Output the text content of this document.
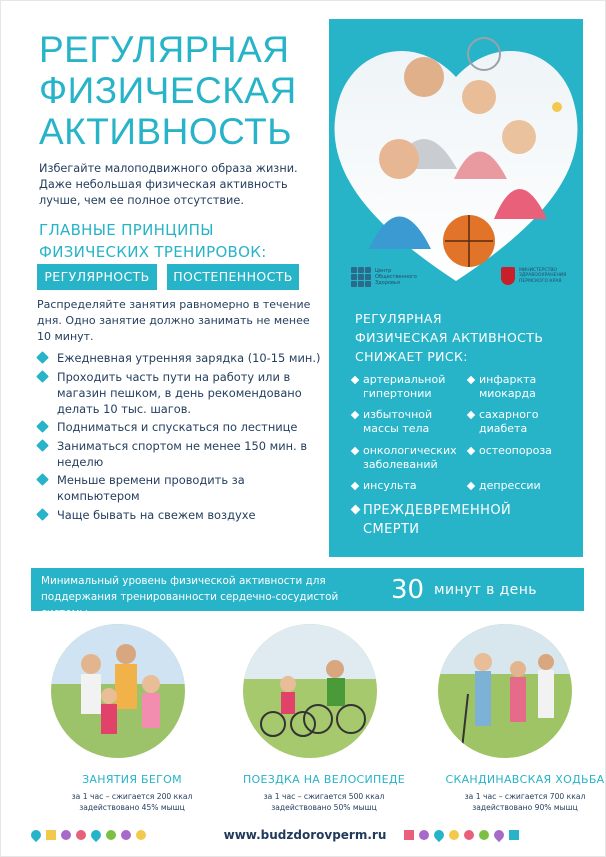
РЕГУЛЯРНАЯ
ФИЗИЧЕСКАЯ
АКТИВНОСТЬ
Избегайте малоподвижного образа жизни. Даже небольшая физическая активность лучше, чем ее полное отсутствие.
ГЛАВНЫЕ ПРИНЦИПЫ
ФИЗИЧЕСКИХ ТРЕНИРОВОК:
РЕГУЛЯРНОСТЬ	ПОСТЕПЕННОСТЬ
Распределяйте занятия равномерно в течение дня. Одно занятие должно занимать не менее 10 минут.
Ежедневная утренняя зарядка (10-15 мин.)
Проходить часть пути на работу или в магазин пешком, в день рекомендовано делать 10 тыс. шагов.
Подниматься и спускаться по лестнице
Заниматься спортом не менее 150 мин. в неделю
Меньше времени проводить за компьютером
Чаще бывать на свежем воздухе
Центр Общественного Здоровья
МИНИСТЕРСТВО ЗДРАВООХРАНЕНИЯ ПЕРМСКОГО КРАЯ
РЕГУЛЯРНАЯ
ФИЗИЧЕСКАЯ АКТИВНОСТЬ
СНИЖАЕТ РИСК:
артериальной гипертонии
избыточной массы тела
онкологических заболеваний
инсульта
инфаркта миокарда
сахарного диабета
остеопороза
депрессии
ПРЕЖДЕВРЕМЕННОЙ СМЕРТИ
Минимальный уровень физической активности для поддержания тренированности сердечно-сосудистой системы
30 минут в день
ЗАНЯТИЯ БЕГОМ
за 1 час – сжигается 200 ккал
задействовано 45% мышц
ПОЕЗДКА НА ВЕЛОСИПЕДЕ
за 1 час – сжигается 500 ккал
задействовано 50% мышц
СКАНДИНАВСКАЯ ХОДЬБА
за 1 час – сжигается 700 ккал
задействовано 90% мышц
www.budzdorovperm.ru
